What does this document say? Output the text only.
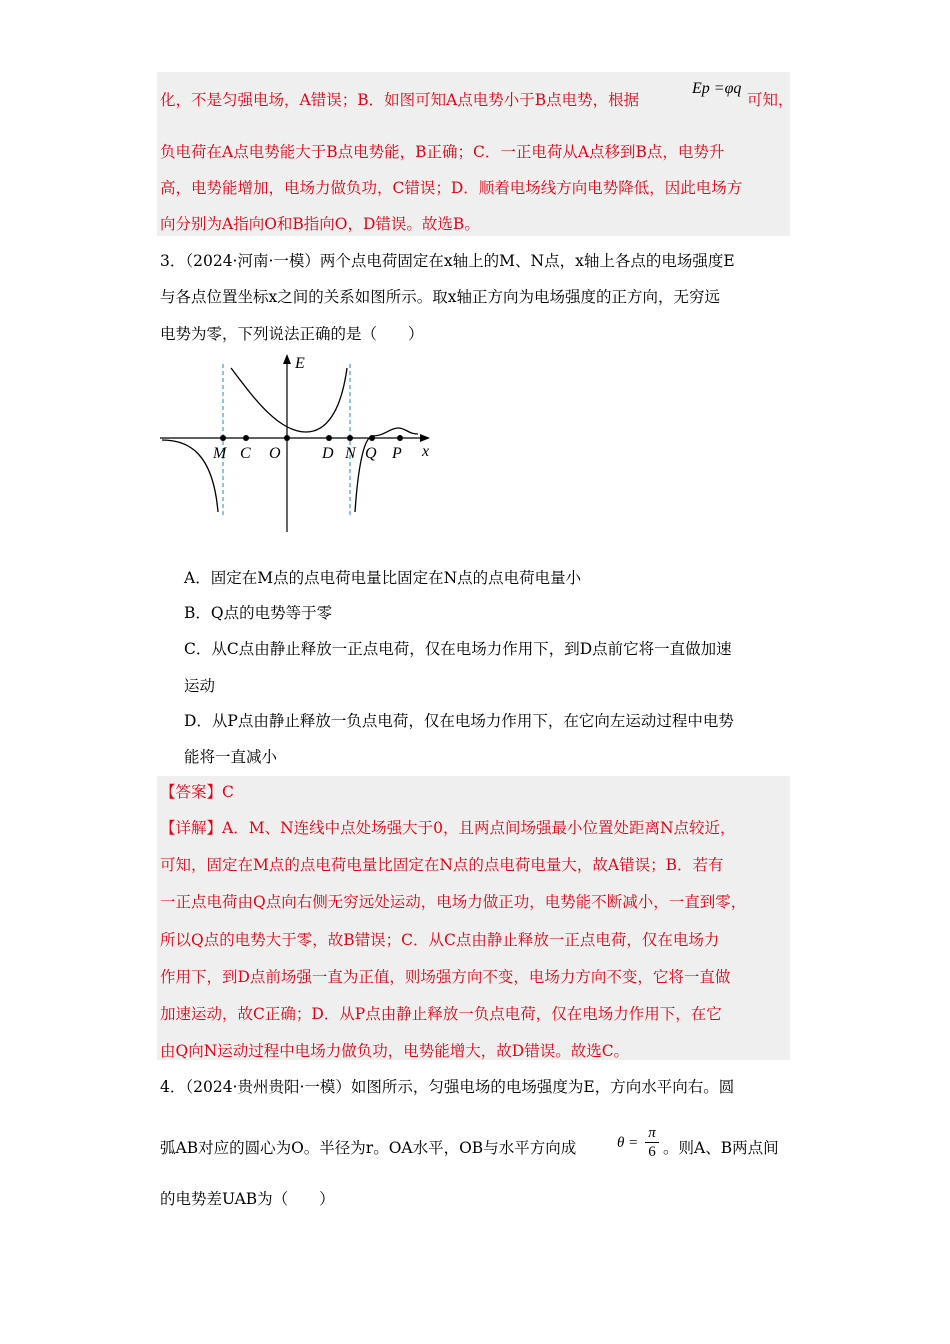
化，不是匀强电场，A错误；B．如图可知A点电势小于B点电势，根据
Ep =φq
可知，
负电荷在A点电势能大于B点电势能，B正确；C．一正电荷从A点移到B点，电势升
高，电势能增加，电场力做负功，C错误；D．顺着电场线方向电势降低，因此电场方
向分别为A指向O和B指向O，D错误。故选B。
3．（2024·河南·一模）两个点电荷固定在x轴上的M、N点，x轴上各点的电场强度E
与各点位置坐标x之间的关系如图所示。取x轴正方向为电场强度的正方向，无穷远
电势为零，下列说法正确的是（　　）
E
x
M C O	D N Q P
A．固定在M点的点电荷电量比固定在N点的点电荷电量小
B．Q点的电势等于零
C．从C点由静止释放一正点电荷，仅在电场力作用下，到D点前它将一直做加速
运动
D．从P点由静止释放一负点电荷，仅在电场力作用下，在它向左运动过程中电势
能将一直减小
【答案】C
【详解】A．M、N连线中点处场强大于0，且两点间场强最小位置处距离N点较近，
可知，固定在M点的点电荷电量比固定在N点的点电荷电量大，故A错误；B．若有
一正点电荷由Q点向右侧无穷远处运动，电场力做正功，电势能不断减小，一直到零，
所以Q点的电势大于零，故B错误；C．从C点由静止释放一正点电荷，仅在电场力
作用下，到D点前场强一直为正值，则场强方向不变，电场力方向不变，它将一直做
加速运动，故C正确；D．从P点由静止释放一负点电荷，仅在电场力作用下，在它
由Q向N运动过程中电场力做负功，电势能增大，故D错误。故选C。
4．（2024·贵州贵阳·一模）如图所示，匀强电场的电场强度为E，方向水平向右。圆
弧AB对应的圆心为O。半径为r。OA水平，OB与水平方向成	$\theta = \frac{\pi}{6}$ 。则A、B两点间
的电势差UAB为（　　）
